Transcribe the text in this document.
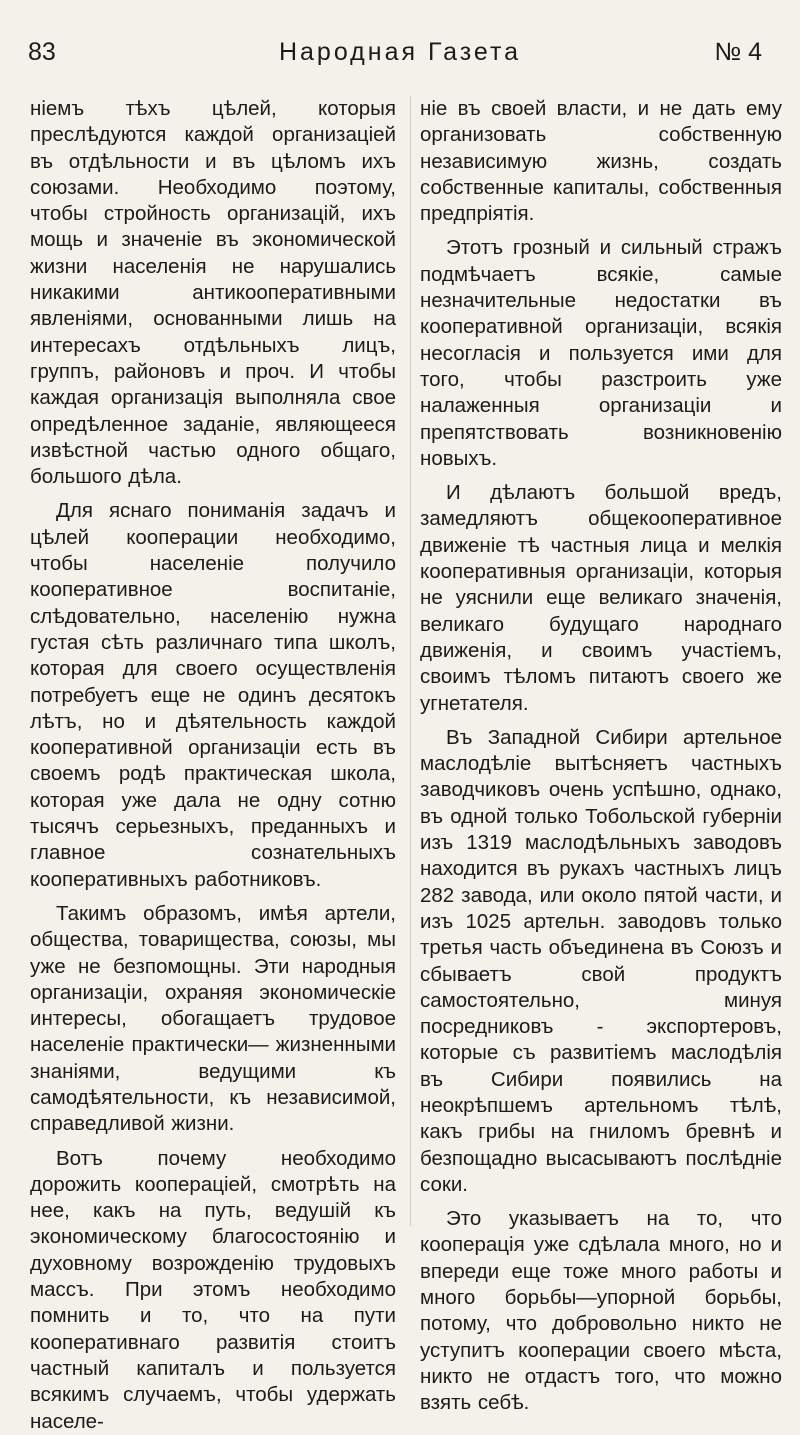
Народная Газета
83	№ 4

ніемъ тѣхъ цѣлей, которыя преслѣдуются каждой организаціей въ отдѣльности и въ цѣломъ ихъ союзами. Необходимо поэтому, чтобы стройность организацій, ихъ мощь и значеніе въ экономической жизни населенія не нарушались никакими антикооперативными явленіями, основанными лишь на интересахъ отдѣльныхъ лицъ, группъ, районовъ и проч. И чтобы каждая организація выполняла свое опредѣленное заданіе, являющееся извѣстной частью одного общаго, большого дѣла.

Для яснаго пониманія задачъ и цѣлей кооперации необходимо, чтобы населеніе получило кооперативное воспитаніе, слѣдовательно, населенію нужна густая сѣть различнаго типа школъ, которая для своего осуществленія потребуетъ еще не одинъ десятокъ лѣтъ, но и дѣятельность каждой кооперативной организаціи есть въ своемъ родѣ практическая школа, которая уже дала не одну сотню тысячъ серьезныхъ, преданныхъ и главное сознательныхъ кооперативныхъ работниковъ.

Такимъ образомъ, имѣя артели, общества, товарищества, союзы, мы уже не безпомощны. Эти народныя организаціи, охраняя экономическіе интересы, обогащаетъ трудовое населеніе практически— жизненными знаніями, ведущими къ самодѣятельности, къ независимой, справедливой жизни.

Вотъ почему необходимо дорожить кооперацiей, смотрѣть на нее, какъ на путь, ведушій къ экономическому благосостоянію и духовному возрожденію трудовыхъ массъ. При этомъ необходимо помнить и то, что на пути кооперативнаго развитія стоитъ частный капиталъ и пользуется всякимъ случаемъ, чтобы удержать населе-

ніе въ своей власти, и не дать ему организовать собственную независимую жизнь, создать собственные капиталы, собственныя предпріятія.

Этотъ грозный и сильный стражъ подмѣчаетъ всякіе, самые незначительные недостатки въ кооперативной организаціи, всякія несогласія и пользуется ими для того, чтобы разстроить уже налаженныя организаціи и препятствовать возникновенію новыхъ.

И дѣлаютъ большой вредъ, замедляютъ общекооперативное движеніе тѣ частныя лица и мелкія кооперативныя организаціи, которыя не уяснили еще великаго значенія, великаго будущаго народнаго движенія, и своимъ участіемъ, своимъ тѣломъ питаютъ своего же угнетателя.

Въ Западной Сибири артельное маслодѣліе вытѣсняетъ частныхъ заводчиковъ очень успѣшно, однако, въ одной только Тобольской губерніи изъ 1319 маслодѣльныхъ заводовъ находится въ рукахъ частныхъ лицъ 282 завода, или около пятой части, и изъ 1025 артельн. заводовъ только третья часть объединена въ Союзъ и сбываетъ свой продуктъ самостоятельно, минуя посредниковъ - экспортеровъ, которые съ развитіемъ маслодѣлія въ Сибири появились на неокрѣпшемъ артельномъ тѣлѣ, какъ грибы на гниломъ бревнѣ и безпощадно высасываютъ послѣдніе соки.

Это указываетъ на то, что кооперація уже сдѣлала много, но и впереди еще тоже много работы и много борьбы—упорной борьбы, потому, что добровольно никто не уступитъ кооперации своего мѣста, никто не отдастъ того, что можно взять себѣ.
